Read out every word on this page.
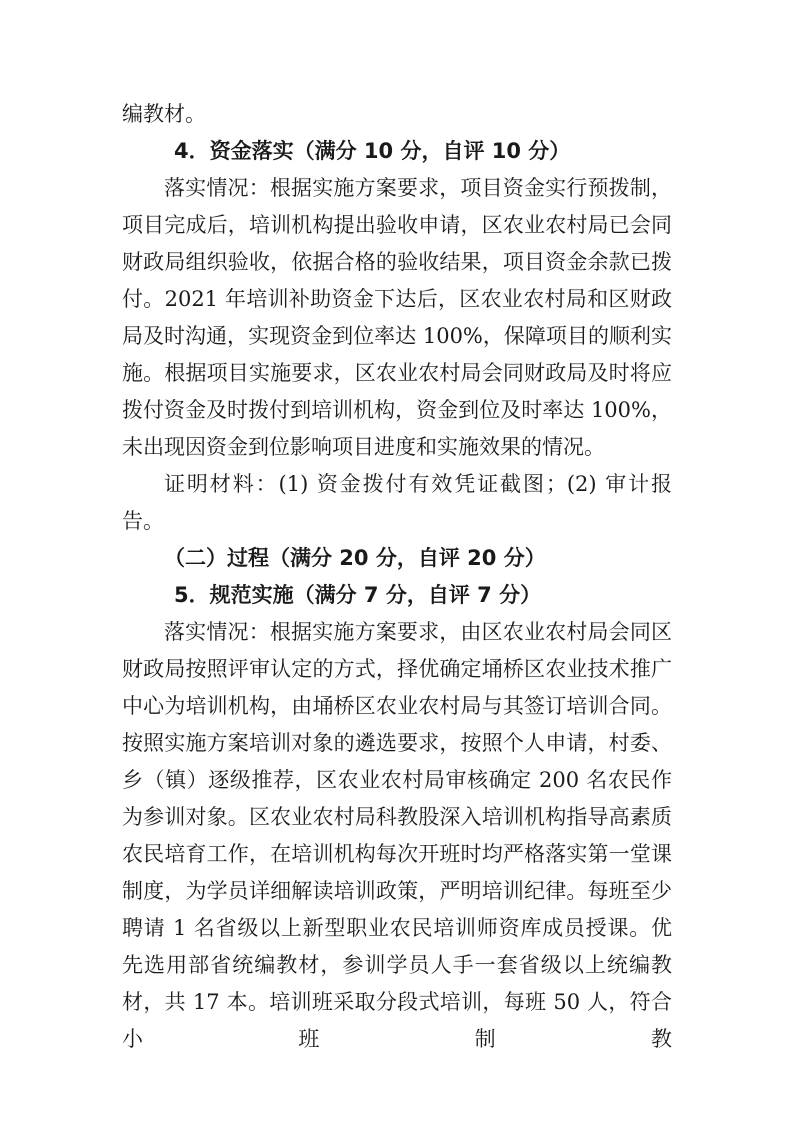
编教材。

4．资金落实（满分 10 分，自评 10 分）

落实情况：根据实施方案要求，项目资金实行预拨制，项目完成后，培训机构提出验收申请，区农业农村局已会同财政局组织验收，依据合格的验收结果，项目资金余款已拨付。2021 年培训补助资金下达后，区农业农村局和区财政局及时沟通，实现资金到位率达 100%，保障项目的顺利实施。根据项目实施要求，区农业农村局会同财政局及时将应拨付资金及时拨付到培训机构，资金到位及时率达 100%，未出现因资金到位影响项目进度和实施效果的情况。

证明材料：(1) 资金拨付有效凭证截图；(2) 审计报告。

（二）过程（满分 20 分，自评 20 分）
5．规范实施（满分 7 分，自评 7 分）

落实情况：根据实施方案要求，由区农业农村局会同区财政局按照评审认定的方式，择优确定埇桥区农业技术推广中心为培训机构，由埇桥区农业农村局与其签订培训合同。按照实施方案培训对象的遴选要求，按照个人申请，村委、乡（镇）逐级推荐，区农业农村局审核确定 200 名农民作为参训对象。区农业农村局科教股深入培训机构指导高素质农民培育工作，在培训机构每次开班时均严格落实第一堂课制度，为学员详细解读培训政策，严明培训纪律。每班至少聘请 1 名省级以上新型职业农民培训师资库成员授课。优先选用部省统编教材，参训学员人手一套省级以上统编教材，共 17 本。培训班采取分段式培训，每班 50 人，符合小班制教
